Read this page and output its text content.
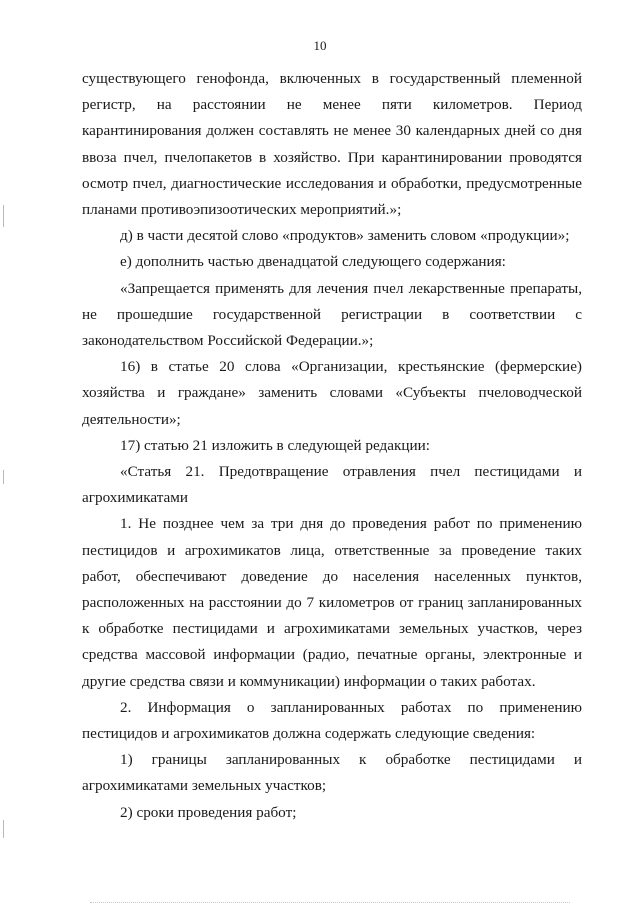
10

существующего генофонда, включенных в государственный племенной регистр, на расстоянии не менее пяти километров. Период карантинирования должен составлять не менее 30 календарных дней со дня ввоза пчел, пчелопакетов в хозяйство. При карантинировании проводятся осмотр пчел, диагностические исследования и обработки, предусмотренные планами противоэпизоотических мероприятий.»;

д) в части десятой слово «продуктов» заменить словом «продукции»;

е) дополнить частью двенадцатой следующего содержания:

«Запрещается применять для лечения пчел лекарственные препараты, не прошедшие государственной регистрации в соответствии с законодательством Российской Федерации.»;

16) в статье 20 слова «Организации, крестьянские (фермерские) хозяйства и граждане» заменить словами «Субъекты пчеловодческой деятельности»;

17) статью 21 изложить в следующей редакции:

«Статья 21. Предотвращение отравления пчел пестицидами и агрохимикатами

1. Не позднее чем за три дня до проведения работ по применению пестицидов и агрохимикатов лица, ответственные за проведение таких работ, обеспечивают доведение до населения населенных пунктов, расположенных на расстоянии до 7 километров от границ запланированных к обработке пестицидами и агрохимикатами земельных участков, через средства массовой информации (радио, печатные органы, электронные и другие средства связи и коммуникации) информации о таких работах.

2. Информация о запланированных работах по применению пестицидов и агрохимикатов должна содержать следующие сведения:

1) границы запланированных к обработке пестицидами и агрохимикатами земельных участков;

2) сроки проведения работ;
